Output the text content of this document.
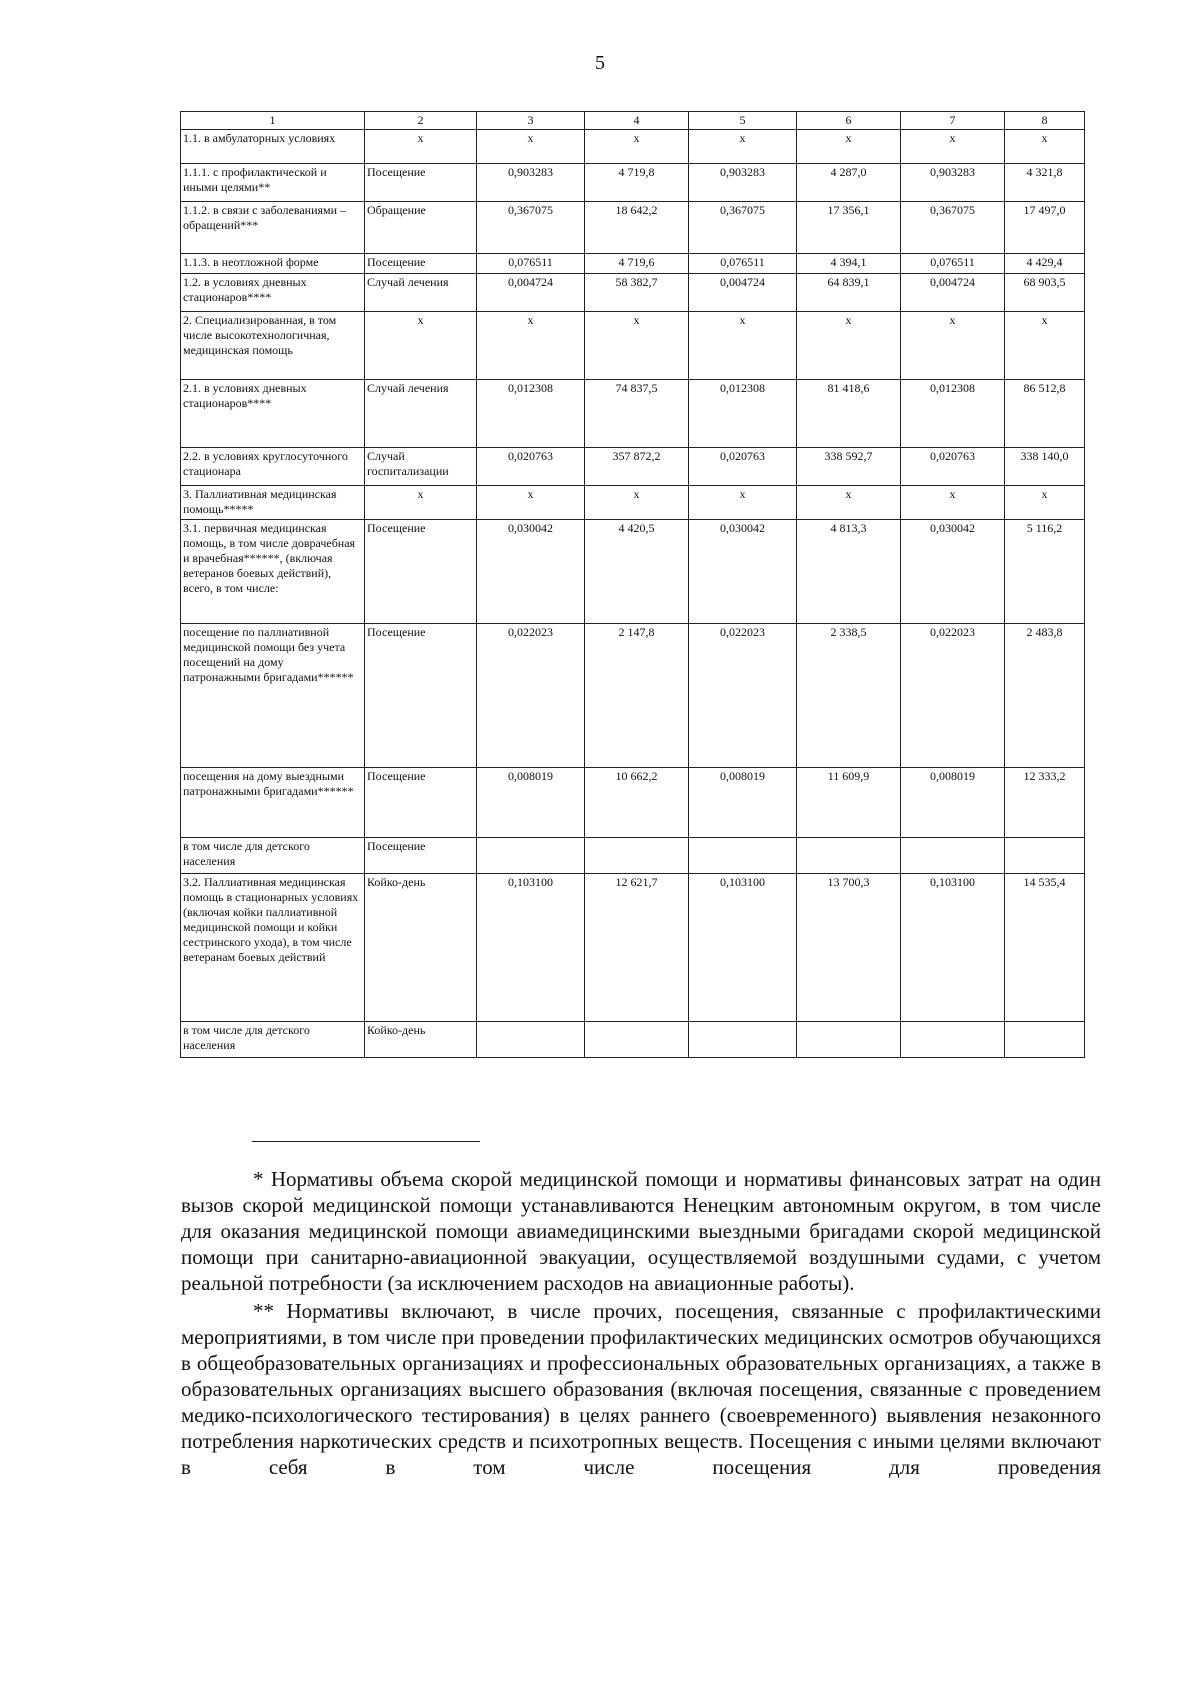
5
1	2	3	4	5	6	7	8
1.1. в амбулаторных условиях	х	х	х	х	х	х	х
1.1.1. с профилактической и иными целями**	Посещение	0,903283	4 719,8	0,903283	4 287,0	0,903283	4 321,8
1.1.2. в связи с заболеваниями – обращений***	Обращение	0,367075	18 642,2	0,367075	17 356,1	0,367075	17 497,0
1.1.3. в неотложной форме	Посещение	0,076511	4 719,6	0,076511	4 394,1	0,076511	4 429,4
1.2. в условиях дневных стационаров****	Случай лечения	0,004724	58 382,7	0,004724	64 839,1	0,004724	68 903,5
2. Специализированная, в том числе высокотехнологичная, медицинская помощь	х	х	х	х	х	х	х
2.1. в условиях дневных стационаров****	Случай лечения	0,012308	74 837,5	0,012308	81 418,6	0,012308	86 512,8
2.2. в условиях круглосуточного стационара	Случай госпитализации	0,020763	357 872,2	0,020763	338 592,7	0,020763	338 140,0
3. Паллиативная медицинская помощь*****	х	х	х	х	х	х	х
3.1. первичная медицинская помощь, в том числе доврачебная и врачебная******, (включая ветеранов боевых действий), всего, в том числе:	Посещение	0,030042	4 420,5	0,030042	4 813,3	0,030042	5 116,2
посещение по паллиативной медицинской помощи без учета посещений на дому патронажными бригадами******	Посещение	0,022023	2 147,8	0,022023	2 338,5	0,022023	2 483,8
посещения на дому выездными патронажными бригадами******	Посещение	0,008019	10 662,2	0,008019	11 609,9	0,008019	12 333,2
в том числе для детского населения	Посещение						
3.2. Паллиативная медицинская помощь в стационарных условиях (включая койки паллиативной медицинской помощи и койки сестринского ухода), в том числе ветеранам боевых действий	Койко-день	0,103100	12 621,7	0,103100	13 700,3	0,103100	14 535,4
в том числе для детского населения	Койко-день						

* Нормативы объема скорой медицинской помощи и нормативы финансовых затрат на один вызов скорой медицинской помощи устанавливаются Ненецким автономным округом, в том числе для оказания медицинской помощи авиамедицинскими выездными бригадами скорой медицинской помощи при санитарно-авиационной эвакуации, осуществляемой воздушными судами, с учетом реальной потребности (за исключением расходов на авиационные работы).

** Нормативы включают, в числе прочих, посещения, связанные с профилактическими мероприятиями, в том числе при проведении профилактических медицинских осмотров обучающихся в общеобразовательных организациях и профессиональных образовательных организациях, а также в образовательных организациях высшего образования (включая посещения, связанные с проведением медико-психологического тестирования) в целях раннего (своевременного) выявления незаконного потребления наркотических средств и психотропных веществ. Посещения с иными целями включают в себя в том числе посещения для проведения
